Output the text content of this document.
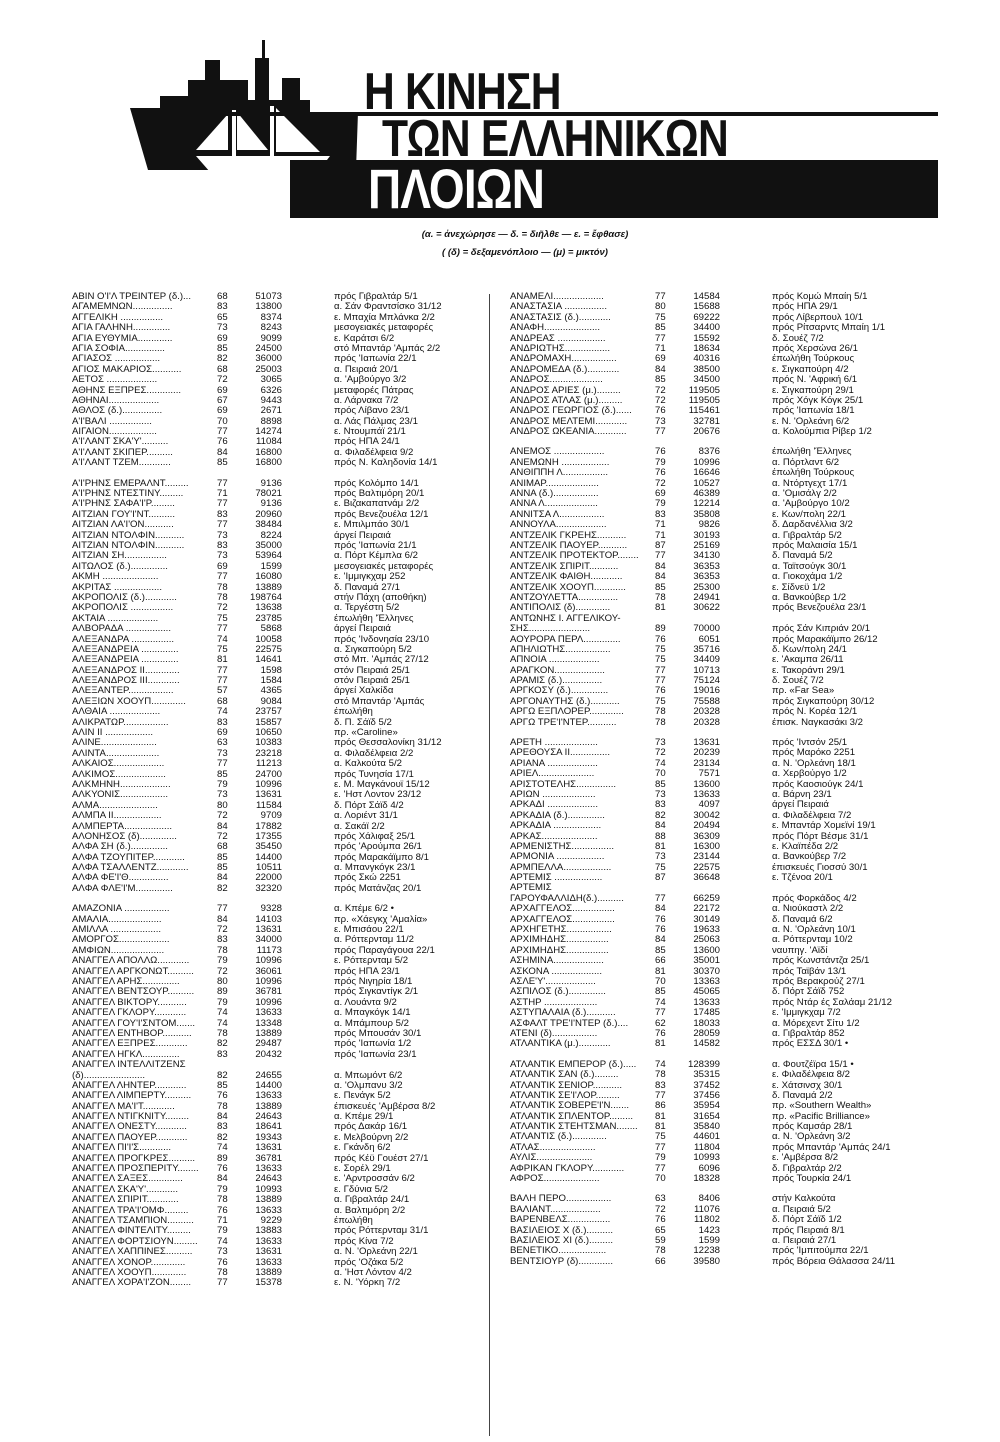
Η ΚΙΝΗΣΗ
ΤΩΝ ΕΛΛΗΝΙΚΩΝ
ΠΛΟΙΩΝ
(α. = ἀνεχώρησε — δ. = διῆλθε — ε. = ἔφθασε)
( (δ) = δεξαμενόπλοιο — (μ) = μικτόν)
ΑΒΙΝ Ο'Ι'Λ ΤΡΕΙΝΤΕΡ (δ.)...	68	51073	πρός Γιβραλτάρ 5/1
ΑΓΑΜΕΜΝΩΝ...............	83	13800	α. Σάν Φραντσίσκο 31/12
ΑΓΓΕΛΙΚΗ ................	65	8374	ε. Μπαχία Μπλάνκα 2/2
ΑΓΙΑ ΓΑΛΗΝΗ..............	73	8243	μεσογειακές μεταφορές
ΑΓΙΑ ΕΥΘΥΜΙΑ.............	69	9099	ε. Καράτσι 6/2
ΑΓΙΑ ΣΟΦΙΑ...............	85	24500	στό Μπαντάρ 'Αμπάς 2/2
ΑΓΙΑΣΟΣ .................	82	36000	πρός 'Ιαπωνία 22/1
ΑΓΙΟΣ ΜΑΚΑΡΙΟΣ...........	68	25003	α. Πειραιά 20/1
ΑΕΤΟΣ ...................	72	3065	α. 'Αμβούργο 3/2
ΑΘΗΝΣ ΕΞΠΡΕΣ.............	69	6326	μεταφορές Πάτρας
ΑΘΗΝΑΙ...................	67	9443	α. Λάρνακα 7/2
ΑΘΛΟΣ (δ.)...............	69	2671	πρός Λίβανο 23/1
Α'Ι'ΒΑΛΙ ................	70	8898	α. Λάς Πάλμας 23/1
ΑΙΓΑΙΟΝ..................	77	14274	ε. Ντουμπάϊ 21/1
Α'Ι'ΛΑΝΤ ΣΚΑ'Υ'..........	76	11084	πρός ΗΠΑ 24/1
Α'Ι'ΛΑΝΤ ΣΚΙΠΕΡ..........	84	16800	α. Φιλαδέλφεια 9/2
Α'Ι'ΛΑΝΤ ΤΖΕΜ............	85	16800	πρός Ν. Καληδονία 14/1
Α'Ι'ΡΗΝΣ ΕΜΕΡΑΛΝΤ.........	77	9136	πρός Κολόμπο 14/1
Α'Ι'ΡΗΝΣ ΝΤΕΣΤΙΝΥ.........	71	78021	πρός Βαλτιμόρη 20/1
Α'Ι'ΡΗΝΣ ΣΑΦΑ'Ι'Ρ.........	77	9136	ε. Βιζακαπατνάμ 2/2
ΑΙΤΖΙΑΝ ΓΟΥ'Ι'ΝΤ..........	83	20960	πρός Βενεζουέλα 12/1
ΑΙΤΖΙΑΝ ΛΑ'Ι'ΟΝ...........	77	38484	ε. Μπιλμπάο 30/1
ΑΙΤΖΙΑΝ ΝΤΟΛΦΙΝ...........	73	8224	άργεί Πειραιά
ΑΙΤΖΙΑΝ ΝΤΟΛΦΙΝ...........	83	35000	πρός 'Ιαπωνία 21/1
ΑΙΤΖΙΑΝ ΣΗ................	73	53964	α. Πόρτ Κέμπλα 6/2
ΑΙΤΩΛΟΣ (δ.)..............	69	1599	μεσογειακές μεταφορές
ΑΚΜΗ .....................	77	16080	ε. 'Ιμμιγκχαμ 252
ΑΚΡΙΤΑΣ ..................	78	13889	δ. Παναμά 27/1
ΑΚΡΟΠΟΛΙΣ (δ.)............	78	198764	στήν Πάχη (αποθήκη)
ΑΚΡΟΠΟΛΙΣ ................	72	13638	α. Τεργέστη 5/2
ΑΚΤΑΙΑ ...................	75	23785	έπωλήθη 'Έλληνες
ΑΛΒΟΡΑΔΑ .................	77	5868	άργεί Πειραιά
ΑΛΕΞΑΝΔΡΑ ................	74	10058	πρός 'Ινδονησία 23/10
ΑΛΕΞΑΝΔΡΕΙΑ ..............	75	22575	α. Σιγκαπούρη 5/2
ΑΛΕΞΑΝΔΡΕΙΑ ..............	81	14641	στό Μπ. 'Αμπάς 27/12
ΑΛΕΞΑΝΔΡΟΣ ΙΙ.............	77	1598	στόν Πειραιά 25/1
ΑΛΕΞΑΝΔΡΟΣ ΙΙΙ............	77	1584	στόν Πειραιά 25/1
ΑΛΕΞΑΝΤΕΡ.................	57	4365	άργεί Χαλκίδα
ΑΛΕΞΙΩΝ ΧΟΟΥΠ.............	68	9084	στό Μπαντάρ 'Αμπάς
ΑΛΘΑΙΑ ...................	74	23757	έπωλήθη
ΑΛΙΚΡΑΤΩΡ.................	83	15857	δ. Π. Σάϊδ 5/2
ΑΛΙΝ ΙΙ ..................	69	10650	πρ. «Caroline»
ΑΛΙΝΕ.....................	63	10383	πρός Θεσσαλονίκη 31/12
ΑΛΙΝΤΑ....................	73	23218	α. Φιλαδέλφεια 2/2
ΑΛΚΑΙΟΣ...................	77	11213	α. Καλκούτα 5/2
ΑΛΚΙΜΟΣ...................	85	24700	πρός Τυνησία 17/1
ΑΛΚΜΗΝΗ...................	79	10996	ε. Μ. Μαγκάνουϊ 15/12
ΑΛΚΥΟΝΙΣ..................	73	13631	ε. 'Ηστ Λοντον 23/12
ΑΛΜΑ......................	80	11584	δ. Πόρτ Σάϊδ 4/2
ΑΛΜΠΑ ΙΙ..................	72	9709	α. Λοριέντ 31/1
ΑΛΜΠΕΡΤΑ..................	84	17882	α. Σακάϊ 2/2
ΑΛΟΝΗΣΟΣ (δ)..............	72	17355	πρός Χάλιφαξ 25/1
ΑΛΦΑ ΣΗ (δ.)..............	68	35450	πρός 'Αρούμπα 26/1
ΑΛΦΑ ΤΖΟΥΠΙΤΕΡ............	85	14400	πρός Μαρακάϊμπο 8/1
ΑΛΦΑ ΤΣΑΛΛΕΝΤΖ............	85	10511	α. Μπανγκόγκ 23/1
ΑΛΦΑ ΦΕ'Ι'Θ...............	84	22000	πρός Σκώ 2251
ΑΛΦΑ ΦΛΕ'Ι'Μ..............	82	32320	πρός Ματάνζας 20/1
ΑΜΑΖΟΝΙΑ .................	77	9328	α. Κπέμε 6/2 •
ΑΜΑΛΙΑ....................	84	14103	πρ. «Χάεγκχ 'Αμαλία»
ΑΜΙΛΛΑ ...................	72	13631	ε. Μπισάου 22/1
ΑΜΟΡΓΟΣ...................	83	34000	α. Ρόττερνταμ 11/2
ΑΜΦΙΩΝ....................	78	11173	πρός Παραγάγουα 22/1
ΑΝΑΓΓΕΛ ΑΠΟΛΛΩ............	79	10996	ε. Ρόττερνταμ 5/2
ΑΝΑΓΓΕΛ ΑΡΓΚΟΝΩΤ..........	72	36061	πρός ΗΠΑ 23/1
ΑΝΑΓΓΕΛ ΑΡΗΣ..............	80	10996	πρός Νιγηρία 18/1
ΑΝΑΓΓΕΛ ΒΕΝΤΣΟΥΡ..........	89	36781	πρός Σιγκαντίγκ 2/1
ΑΝΑΓΓΕΛ ΒΙΚΤΟΡΥ...........	79	10996	α. Λουάντα 9/2
ΑΝΑΓΓΕΛ ΓΚΛΟΡΥ............	74	13633	α. Μπαγκόγκ 14/1
ΑΝΑΓΓΕΛ ΓΟΥ'Ι'ΣΝΤΟΜ.......	74	13348	α. Μπάμπουρ 5/2
ΑΝΑΓΓΕΛ ΕΝΤΗΒΟΡ...........	78	13889	πρός Μπουσάν 30/1
ΑΝΑΓΓΕΛ ΕΞΠΡΕΣ............	82	29487	πρός 'Ιαπωνία 1/2
ΑΝΑΓΓΕΛ ΗΓΚΛ..............	83	20432	πρός 'Ιαπωνία 23/1
ΑΝΑΓΓΕΛ ΙΝΤΕΛΛΙΤΖΕΝΣ
(δ).......................	82	24655	α. Μπωμόντ 6/2
ΑΝΑΓΓΕΛ ΛΗΝΤΕΡ............	85	14400	α. 'Ολμπανυ 3/2
ΑΝΑΓΓΕΛ ΛΙΜΠΕΡΤΥ..........	76	13633	ε. Πενάγκ 5/2
ΑΝΑΓΓΕΛ ΜΑ'Ι'Τ............	78	13889	έπισκευές 'Αμβέρσα 8/2
ΑΝΑΓΓΕΛ ΝΤΙΓΚΝΙΤΥ.........	84	24643	α. Κπέμε 29/1
ΑΝΑΓΓΕΛ ΟΝΕΣΤΥ............	83	18641	πρός Δακάρ 16/1
ΑΝΑΓΓΕΛ ΠΑΟΥΕΡ............	82	19343	ε. Μελβούρνη 2/2
ΑΝΑΓΓΕΛ ΠΙ'Ι'Σ............	74	13631	ε. Γκάνδη 6/2
ΑΝΑΓΓΕΛ ΠΡΟΓΚΡΕΣ..........	89	36781	πρός Κέϋ Γουέστ 27/1
ΑΝΑΓΓΕΛ ΠΡΟΣΠΕΡΙΤΥ........	76	13633	ε. Σορέλ 29/1
ΑΝΑΓΓΕΛ ΣΑΞΕΣ.............	84	24643	ε. 'Αρντροσσάν 6/2
ΑΝΑΓΓΕΛ ΣΚΑ'Υ'............	79	10993	ε. Γδύνια 5/2
ΑΝΑΓΓΕΛ ΣΠΙΡΙΤ............	78	13889	α. Γιβραλτάρ 24/1
ΑΝΑΓΓΕΛ ΤΡΑ'Ι'ΟΜΦ.........	76	13633	α. Βαλτιμόρη 2/2
ΑΝΑΓΓΕΛ ΤΣΑΜΠΙΟΝ..........	71	9229	έπωλήθη
ΑΝΑΓΓΕΛ ΦΙΝΤΕΛΙΤΥ.........	79	13883	πρός Ρόττερνταμ 31/1
ΑΝΑΓΓΕΛ ΦΟΡΤΣΙΟΥΝ.........	74	13633	πρός Κίνα 7/2
ΑΝΑΓΓΕΛ ΧΑΠΠΙΝΕΣ..........	73	13631	α. Ν. 'Ορλεάνη 22/1
ΑΝΑΓΓΕΛ ΧΟΝΟΡ.............	76	13633	πρός 'Οζάκα 5/2
ΑΝΑΓΓΕΛ ΧΟΟΥΠ.............	78	13889	α. 'Ηστ Λόντον 4/2
ΑΝΑΓΓΕΛ ΧΟΡΑ'Ι'ΖΟΝ........	77	15378	ε. Ν. 'Υόρκη 7/2
ΑΝΑΜΕΛΙ...................	77	14584	πρός Κομώ Μπαίη 5/1
ΑΝΑΣΤΑΣΙΑ ................	80	15688	πρός ΗΠΑ 29/1
ΑΝΑΣΤΑΣΙΣ (δ.)............	75	69222	πρός Λίβερπουλ 10/1
ΑΝΑΦΗ.....................	85	34400	πρός Ρίτσαρντς Μπαίη 1/1
ΑΝΔΡΕΑΣ ..................	77	15592	δ. Σουέζ 7/2
ΑΝΔΡΙΩΤΗΣ.................	71	18634	πρός Χερσώνα 26/1
ΑΝΔΡΟΜΑΧΗ.................	69	40316	έπωλήθη Τούρκους
ΑΝΔΡΟΜΕΔΑ (δ.)............	84	38500	ε. Σιγκαπούρη 4/2
ΑΝΔΡΟΣ....................	85	34500	πρός Ν. 'Αφρική 6/1
ΑΝΔΡΟΣ ΑΡΙΕΣ (μ.).........	72	119505	ε. Σιγκαπούρη 29/1
ΑΝΔΡΟΣ ΑΤΛΑΣ (μ.).........	72	119505	πρός Χόγκ Κόγκ 25/1
ΑΝΔΡΟΣ ΓΕΩΡΓΙΟΣ (δ.)......	76	115461	πρός 'Ιαπωνία 18/1
ΑΝΔΡΟΣ ΜΕΛΤΕΜΙ............	73	32781	ε. Ν. 'Ορλεάνη 6/2
ΑΝΔΡΟΣ ΩΚΕΑΝΙΑ............	77	20676	α. Κολούμπια Ρίβερ 1/2
ΑΝΕΜΟΣ ...................	76	8376	έπωλήθη 'Έλληνες
ΑΝΕΜΩΝΗ ..................	79	10996	α. Πόρτλαντ 6/2
ΑΝΘΙΠΠΗ Λ.................	76	16646	έπωλήθη Τούρκους
ΑΝΙΜΑΡ....................	72	10527	α. Ντόρτγεχτ 17/1
ΑΝΝΑ (δ.).................	69	46389	α. 'Ομισάλγ 2/2
ΑΝΝΑ Λ....................	79	12214	α. 'Αμβούργο 10/2
ΑΝΝΙΤΣΑ Λ.................	83	35808	ε. Κων/πολη 22/1
ΑΝΝΟΥΛΑ...................	71	9826	δ. Δαρδανέλλια 3/2
ΑΝΤΖΕΛΙΚ ΓΚΡΕΗΣ...........	71	30193	α. Γιβραλτάρ 5/2
ΑΝΤΖΕΛΙΚ ΠΑΟΥΕΡ...........	87	25169	πρός Μαλαισία 15/1
ΑΝΤΖΕΛΙΚ ΠΡΟΤΕΚΤΟΡ........	77	34130	δ. Παναμά 5/2
ΑΝΤΖΕΛΙΚ ΣΠΙΡΙΤ...........	84	36353	α. Ταϊτσούγκ 30/1
ΑΝΤΖΕΛΙΚ ΦΑΙΘΗ............	84	36353	α. Γιοκοχάμα 1/2
ΑΝΤΖΕΛΙΚ ΧΟΟΥΠ............	85	25300	ε. Σίδνεϋ 1/2
ΑΝΤΖΟΥΛΕΤΤΑ...............	78	24941	α. Βανκούβερ 1/2
ΑΝΤΙΠΟΛΙΣ (δ).............	81	30622	πρός Βενεζουέλα 23/1
ΑΝΤΩΝΗΣ Ι. ΑΓΓΕΛΙΚΟΥ-
ΣΗΣ.......................	89	70000	πρός Σάν Κιπριάν 20/1
ΑΟΥΡΟΡΑ ΠΕΡΛ..............	76	6051	πρός Μαρακάϊμπο 26/12
ΑΠΗΛΙΩΤΗΣ.................	75	35716	δ. Κων/πολη 24/1
ΑΠΝΟΙΑ ...................	75	34409	ε. 'Ακαμπα 26/11
ΑΡΑΓΚΟΝ...................	77	10713	ε. Τακοράντι 29/1
ΑΡΑΜΙΣ (δ.)...............	77	75124	δ. Σουέζ 7/2
ΑΡΓΚΟΣΥ (δ.)..............	76	19016	πρ. «Far Sea»
ΑΡΓΟΝΑΥΤΗΣ (δ.)...........	75	75588	πρός Σιγκαπούρη 30/12
ΑΡΓΩ ΕΞΠΛΟΡΕΡ.............	78	20328	πρός Ν. Κορέα 12/1
ΑΡΓΩ ΤΡΕ'Ι'ΝΤΕΡ...........	78	20328	έπισκ. Ναγκασάκι 3/2
ΑΡΕΤΗ ....................	73	13631	πρός 'Ιντσόν 25/1
ΑΡΕΘΟΥΣΑ ΙΙ...............	72	20239	πρός Μαρόκο 2251
ΑΡΙΑΝΑ ...................	74	23134	α. Ν. 'Ορλεάνη 18/1
ΑΡΙΕΛ.....................	70	7571	α. Χερβούργο 1/2
ΑΡΙΣΤΟΤΕΛΗΣ...............	85	13600	πρός Καοσιούγκ 24/1
ΑΡΙΩΝ ....................	73	13633	α. Βάρνη 23/1
ΑΡΚΑΔΙ ...................	83	4097	άργεί Πειραιά
ΑΡΚΑΔΙΑ (δ.)..............	82	30042	α. Φιλαδέλφεια 7/2
ΑΡΚΑΔΙΑ ..................	84	20494	ε. Μπαντάρ Χομεϊνί 19/1
ΑΡΚΑΣ.....................	88	36309	πρός Πόρτ Βέσμε 31/1
ΑΡΜΕΝΙΣΤΗΣ................	81	16300	ε. Κλαϊπέδα 2/2
ΑΡΜΟΝΙΑ ..................	73	23144	α. Βανκούβερ 7/2
ΑΡΜΠΕΛΛΑ..................	75	22575	έπισκευές Γιοσσύ 30/1
ΑΡΤΕΜΙΣ ..................	87	36648	ε. Τζένοα 20/1
ΑΡΤΕΜΙΣ
ΓΑΡΟΥΦΑΛΛΙΔΗ(δ.)..........	77	66259	πρός Φορκάδος 4/2
ΑΡΧΑΓΓΕΛΟΣ................	84	22172	α. Νιούκαστλ 2/2
ΑΡΧΑΓΓΕΛΟΣ................	76	30149	δ. Παναμά 6/2
ΑΡΧΗΓΕΤΗΣ.................	76	19633	α. Ν. 'Ορλεάνη 10/1
ΑΡΧΙΜΗΔΗΣ................	84	25063	α. Ρόττερνταμ 10/2
ΑΡΧΙΜΗΔΗΣ................	85	13600	ναυπηγ. 'Αϊδί
ΑΣΗΜΙΝΑ...................	66	35001	πρός Κωνστάντζα 25/1
ΑΣΚΟΝΑ ...................	81	30370	πρός Ταϊβάν 13/1
ΑΣΛΕ'Υ'...................	70	13363	πρός Βερακρούζ 27/1
ΑΣΠΙΛΟΣ (δ.)..............	85	45065	δ. Πόρτ Σάϊδ 752
ΑΣΤΗΡ ....................	74	13633	πρός Ντάρ ές Σαλάαμ 21/12
ΑΣΤΥΠΑΛΑΙΑ (δ.)...........	77	17485	ε. 'Ιμμιγκχαμ 7/2
ΑΣΦΑΛΤ ΤΡΕ'Ι'ΝΤΕΡ (δ.)....	62	18033	α. Μόρεχεντ Σίτυ 1/2
ΑΤΕΝΙ (δ).................	76	28059	α. Γιβραλτάρ 852
ΑΤΛΑΝΤΙΚΑ (μ.)............	81	14582	πρός ΕΣΣΔ 30/1 •
ΑΤΛΑΝΤΙΚ ΕΜΠΕΡΟΡ (δ.).....	74	128399	α. Φουτζέϊρα 15/1 •
ΑΤΛΑΝΤΙΚ ΣΑΝ (δ.).........	78	35315	ε. Φιλαδέλφεια 8/2
ΑΤΛΑΝΤΙΚ ΣΕΝΙΟΡ...........	83	37452	ε. Χάτσινσχ 30/1
ΑΤΛΑΝΤΙΚ ΣΕ'Ι'ΛΟΡ.........	77	37456	δ. Παναμά 2/2
ΑΤΛΑΝΤΙΚ ΣΟΒΕΡΕ'Ι'Ν.......	86	35954	πρ. «Southern Wealth»
ΑΤΛΑΝΤΙΚ ΣΠΛΕΝΤΟΡ.........	81	31654	πρ. «Pacific Brilliance»
ΑΤΛΑΝΤΙΚ ΣΤΕΗΤΣΜΑΝ........	81	35840	πρός Καμσάρ 28/1
ΑΤΛΑΝΤΙΣ (δ.).............	75	44601	α. Ν. 'Ορλεάνη 3/2
ΑΤΛΑΣ.....................	77	11804	πρός Μπαντάρ 'Αμπάς 24/1
ΑΥΛΙΣ.....................	79	10993	ε. 'Αμβέρσα 8/2
ΑΦΡΙΚΑΝ ΓΚΛΟΡΥ............	77	6096	δ. Γιβραλτάρ 2/2
ΑΦΡΟΣ.....................	70	18328	πρός Τουρκία 24/1
ΒΑΛΗ ΠΕΡΟ.................	63	8406	στήν Καλκούτα
ΒΑΛΙΑΝΤ...................	72	11076	α. Πειραιά 5/2
ΒΑΡΕΝΒΕΛΣ................	76	11802	δ. Πόρτ Σάϊδ 1/2
ΒΑΣΙΛΕΙΟΣ Χ (δ.)..........	65	1423	πρός Πειραιά 8/1
ΒΑΣΙΛΕΙΟΣ ΧΙ (δ.).........	59	1599	α. Πειραιά 27/1
ΒΕΝΕΤΙΚΟ..................	78	12238	πρός 'Ιμπιτούμπα 22/1
ΒΕΝΤΣΙΟΥΡ (δ).............	66	39580	πρός Βόρεια Θάλασσα 24/11
